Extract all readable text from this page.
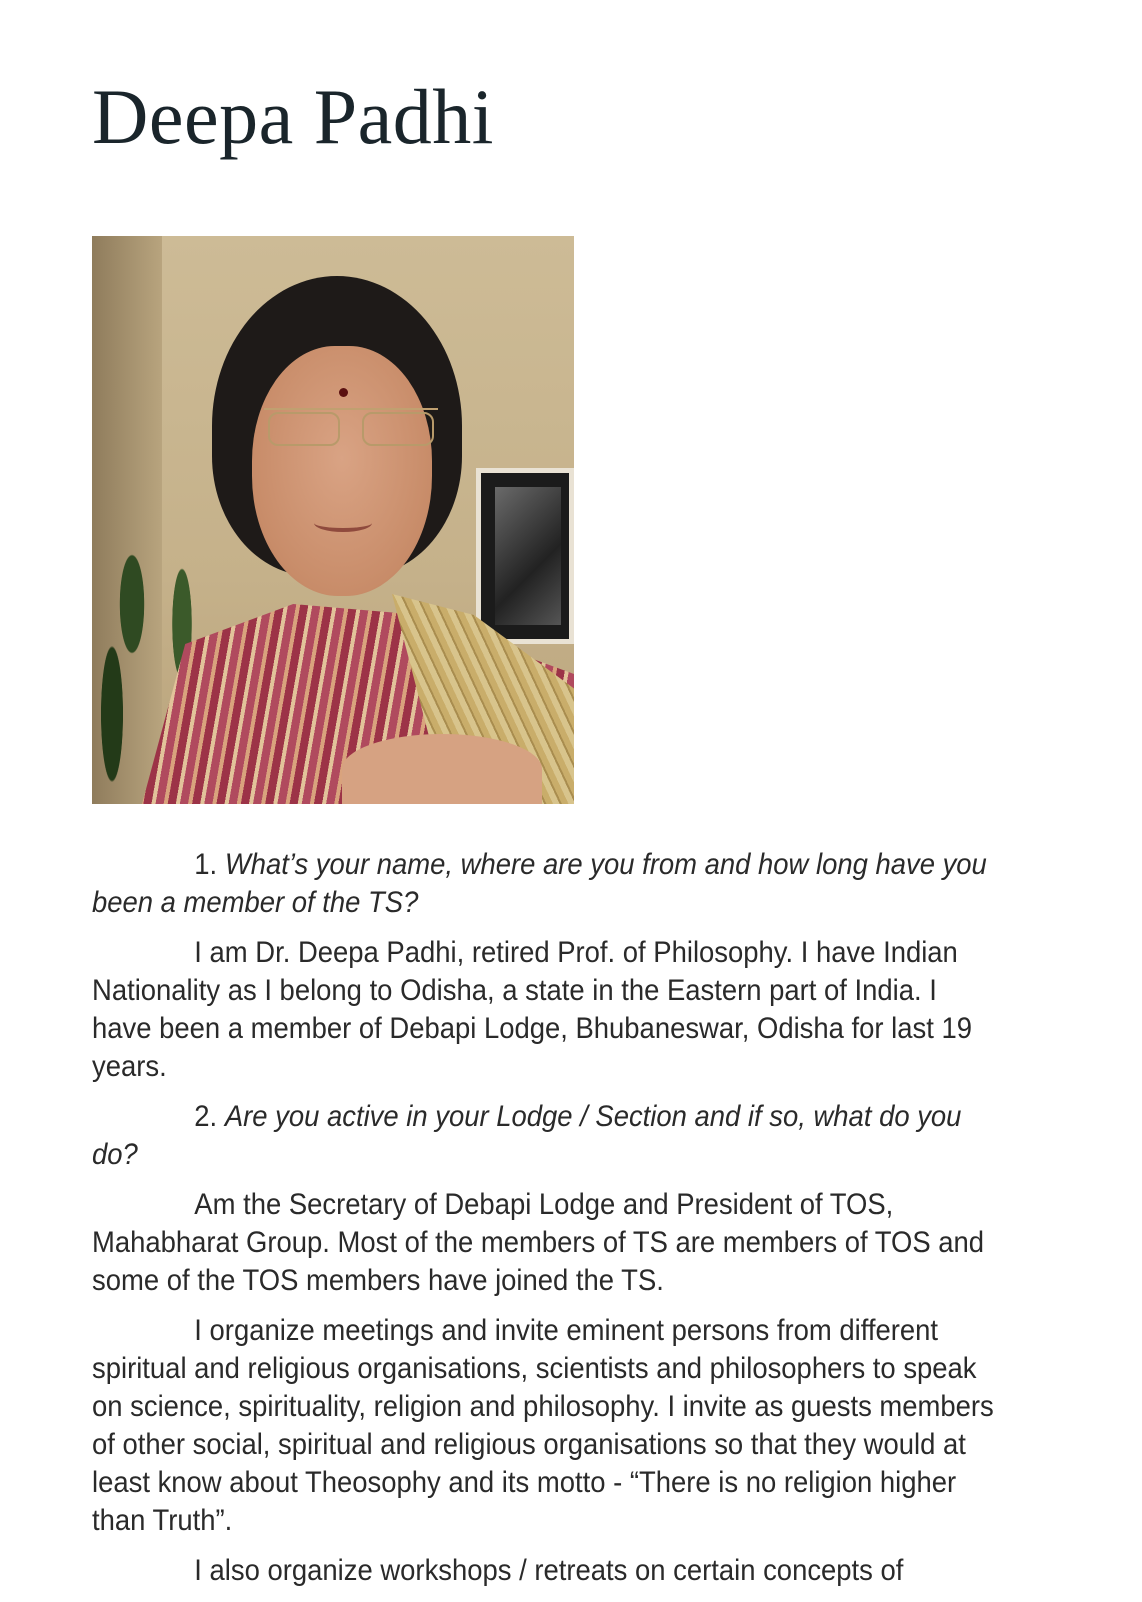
Deepa Padhi

1. What’s your name, where are you from and how long have you been a member of the TS?

I am Dr. Deepa Padhi, retired Prof. of Philosophy. I have Indian Nationality as I belong to Odisha, a state in the Eastern part of India. I have been a member of Debapi Lodge, Bhubaneswar, Odisha for last 19 years.

2. Are you active in your Lodge / Section and if so, what do you do?

Am the Secretary of Debapi Lodge and President of TOS, Mahabharat Group. Most of the members of TS are members of TOS and some of the TOS members have joined the TS.

I organize meetings and invite eminent persons from different spiritual and religious organisations, scientists and philosophers to speak on science, spirituality, religion and philosophy. I invite as guests members of other social, spiritual and religious organisations so that they would at least know about Theosophy and its motto - “There is no religion higher than Truth”.

I also organize workshops / retreats on certain concepts of
